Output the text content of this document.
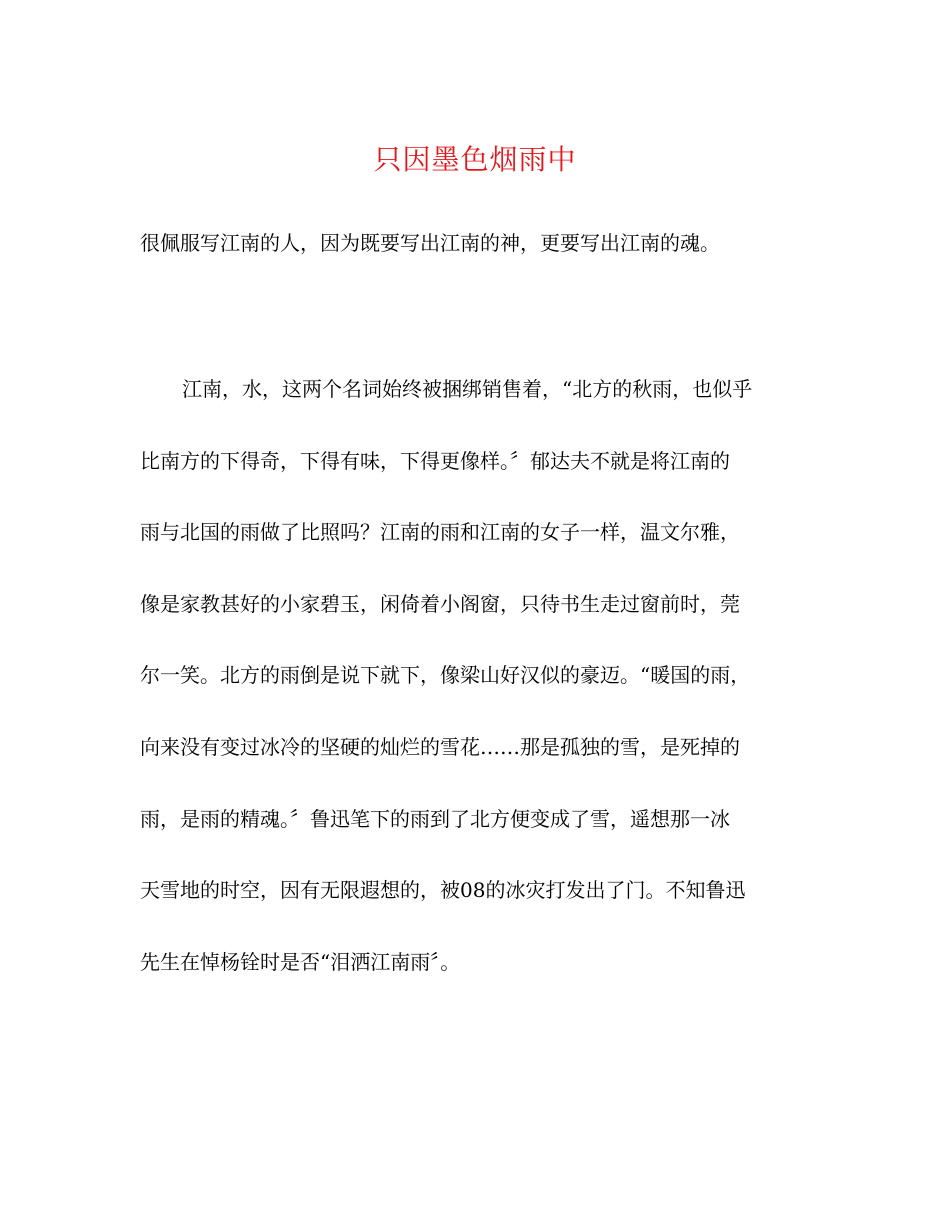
只因墨色烟雨中
很佩服写江南的人，因为既要写出江南的神，更要写出江南的魂。
江南，水，这两个名词始终被捆绑销售着，“北方的秋雨，也似乎
比南方的下得奇，下得有味，下得更像样。〞郁达夫不就是将江南的
雨与北国的雨做了比照吗？江南的雨和江南的女子一样，温文尔雅，
像是家教甚好的小家碧玉，闲倚着小阁窗，只待书生走过窗前时，莞
尔一笑。北方的雨倒是说下就下，像梁山好汉似的豪迈。“暖国的雨，
向来没有变过冰冷的坚硬的灿烂的雪花……那是孤独的雪，是死掉的
雨，是雨的精魂。〞鲁迅笔下的雨到了北方便变成了雪，遥想那一冰
天雪地的时空，因有无限遐想的，被08的冰灾打发出了门。不知鲁迅
先生在悼杨铨时是否“泪洒江南雨〞。
